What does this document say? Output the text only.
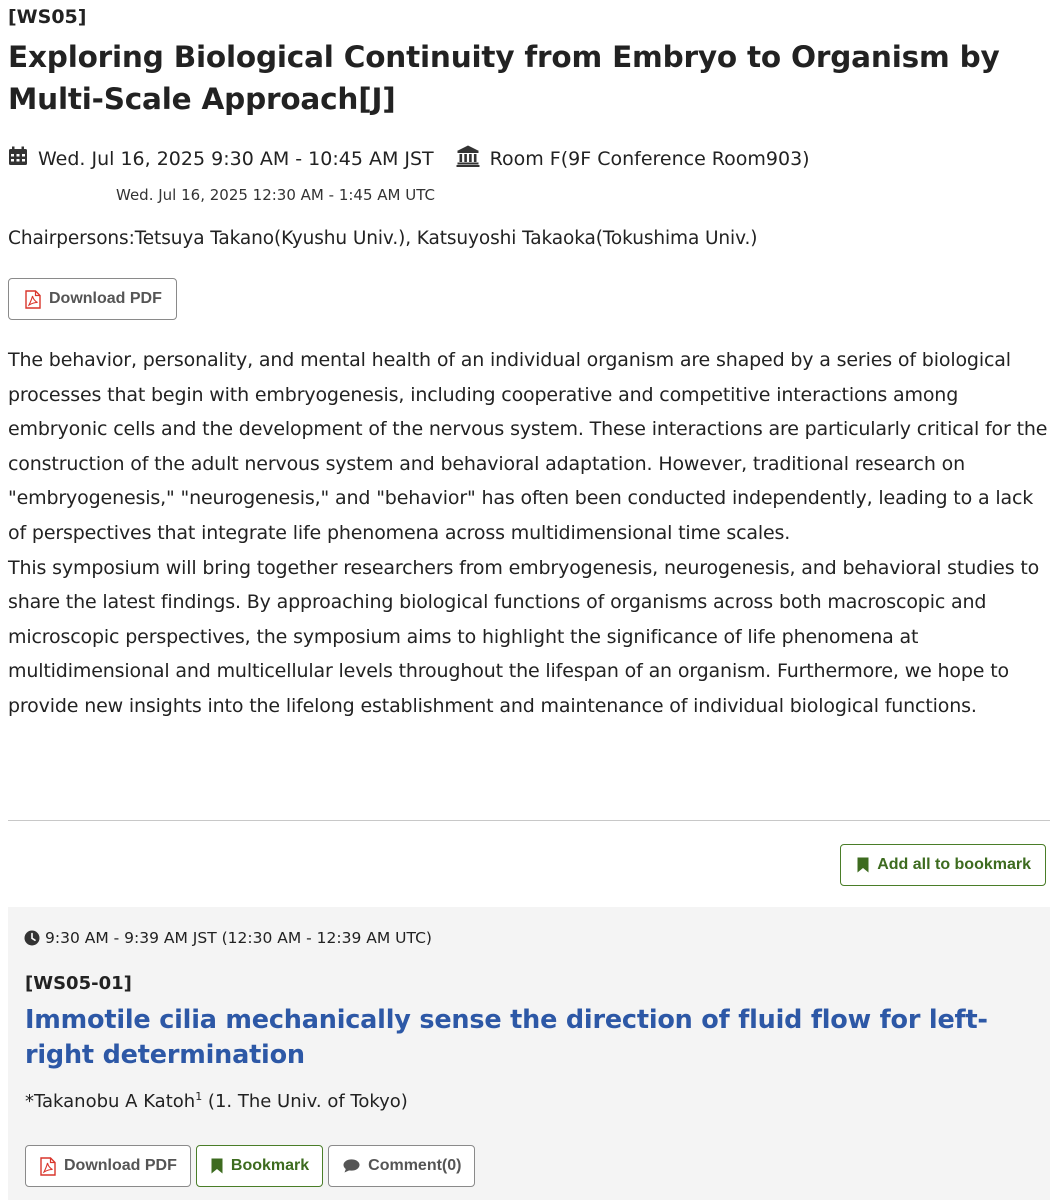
[WS05]
Exploring Biological Continuity from Embryo to Organism by Multi-Scale Approach[J]
Wed. Jul 16, 2025 9:30 AM - 10:45 AM JST	Room F(9F Conference Room903)
Wed. Jul 16, 2025 12:30 AM - 1:45 AM UTC
Chairpersons:Tetsuya Takano(Kyushu Univ.), Katsuyoshi Takaoka(Tokushima Univ.)
Download PDF

The behavior, personality, and mental health of an individual organism are shaped by a series of biological processes that begin with embryogenesis, including cooperative and competitive interactions among embryonic cells and the development of the nervous system. These interactions are particularly critical for the construction of the adult nervous system and behavioral adaptation. However, traditional research on "embryogenesis," "neurogenesis," and "behavior" has often been conducted independently, leading to a lack of perspectives that integrate life phenomena across multidimensional time scales.

This symposium will bring together researchers from embryogenesis, neurogenesis, and behavioral studies to share the latest findings. By approaching biological functions of organisms across both macroscopic and microscopic perspectives, the symposium aims to highlight the significance of life phenomena at multidimensional and multicellular levels throughout the lifespan of an organism. Furthermore, we hope to provide new insights into the lifelong establishment and maintenance of individual biological functions.

Add all to bookmark
9:30 AM - 9:39 AM JST (12:30 AM - 12:39 AM UTC)
[WS05-01]
Immotile cilia mechanically sense the direction of fluid flow for left-right determination
*Takanobu A Katoh$^1$ (1. The Univ. of Tokyo)
Download PDF	Bookmark	Comment(0)
